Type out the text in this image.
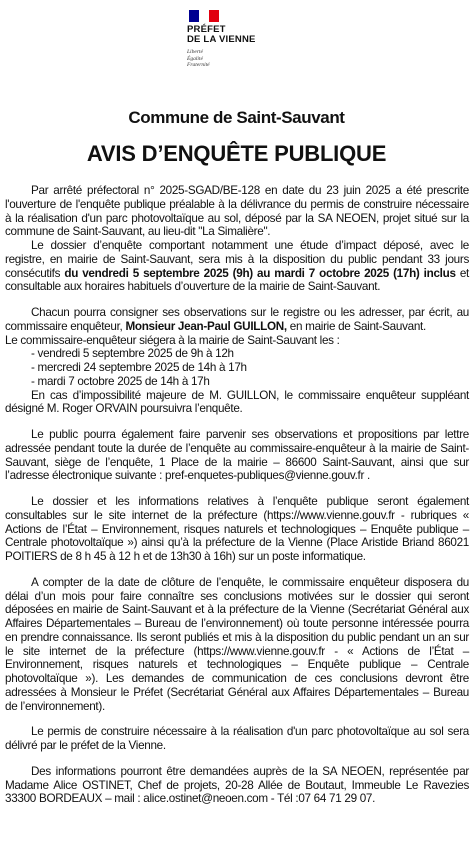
PRÉFET
DE LA VIENNE
Liberté
Égalité
Fraternité
Commune de Saint-Sauvant
AVIS D’ENQUÊTE PUBLIQUE

Par arrêté préfectoral n° 2025-SGAD/BE-128 en date du 23 juin 2025 a été prescrite l'ouverture de l'enquête publique préalable à la délivrance du permis de construire nécessaire à la réalisation d'un parc photovoltaïque au sol, déposé par la SA NEOEN, projet situé sur la commune de Saint-Sauvant, au lieu-dit "La Simalière".

Le dossier d’enquête comportant notamment une étude d’impact déposé, avec le registre, en mairie de Saint-Sauvant, sera mis à la disposition du public pendant 33 jours consécutifs du vendredi 5 septembre 2025 (9h) au mardi 7 octobre 2025 (17h) inclus et consultable aux horaires habituels d’ouverture de la mairie de Saint-Sauvant.

Chacun pourra consigner ses observations sur le registre ou les adresser, par écrit, au commissaire enquêteur, Monsieur Jean-Paul GUILLON, en mairie de Saint-Sauvant.

Le commissaire-enquêteur siégera à la mairie de Saint-Sauvant les :

- vendredi 5 septembre 2025 de 9h à 12h

- mercredi 24 septembre 2025 de 14h à 17h

- mardi 7 octobre 2025 de 14h à 17h

En cas d’impossibilité majeure de M. GUILLON, le commissaire enquêteur suppléant désigné M. Roger ORVAIN poursuivra l’enquête.

Le public pourra également faire parvenir ses observations et propositions par lettre adressée pendant toute la durée de l’enquête au commissaire-enquêteur à la mairie de Saint-Sauvant, siège de l’enquête, 1 Place de la mairie – 86600 Saint-Sauvant, ainsi que sur l’adresse électronique suivante : pref-enquetes-publiques@vienne.gouv.fr .

Le dossier et les informations relatives à l’enquête publique seront également consultables sur le site internet de la préfecture (https://www.vienne.gouv.fr - rubriques « Actions de l’État – Environnement, risques naturels et technologiques – Enquête publique – Centrale photovoltaïque ») ainsi qu’à la préfecture de la Vienne (Place Aristide Briand 86021 POITIERS de 8 h 45 à 12 h et de 13h30 à 16h) sur un poste informatique.

A compter de la date de clôture de l’enquête, le commissaire enquêteur disposera du délai d’un mois pour faire connaître ses conclusions motivées sur le dossier qui seront déposées en mairie de Saint-Sauvant et à la préfecture de la Vienne (Secrétariat Général aux Affaires Départementales – Bureau de l’environnement) où toute personne intéressée pourra en prendre connaissance. Ils seront publiés et mis à la disposition du public pendant un an sur le site internet de la préfecture (https://www.vienne.gouv.fr - « Actions de l’État – Environnement, risques naturels et technologiques – Enquête publique – Centrale photovoltaïque »). Les demandes de communication de ces conclusions devront être adressées à Monsieur le Préfet (Secrétariat Général aux Affaires Départementales – Bureau de l’environnement).

Le permis de construire nécessaire à la réalisation d'un parc photovoltaïque au sol sera délivré par le préfet de la Vienne.

Des informations pourront être demandées auprès de la SA NEOEN, représentée par Madame Alice OSTINET, Chef de projets, 20-28 Allée de Boutaut, Immeuble Le Ravezies 33300 BORDEAUX – mail : alice.ostinet@neoen.com - Tél :07 64 71 29 07.
